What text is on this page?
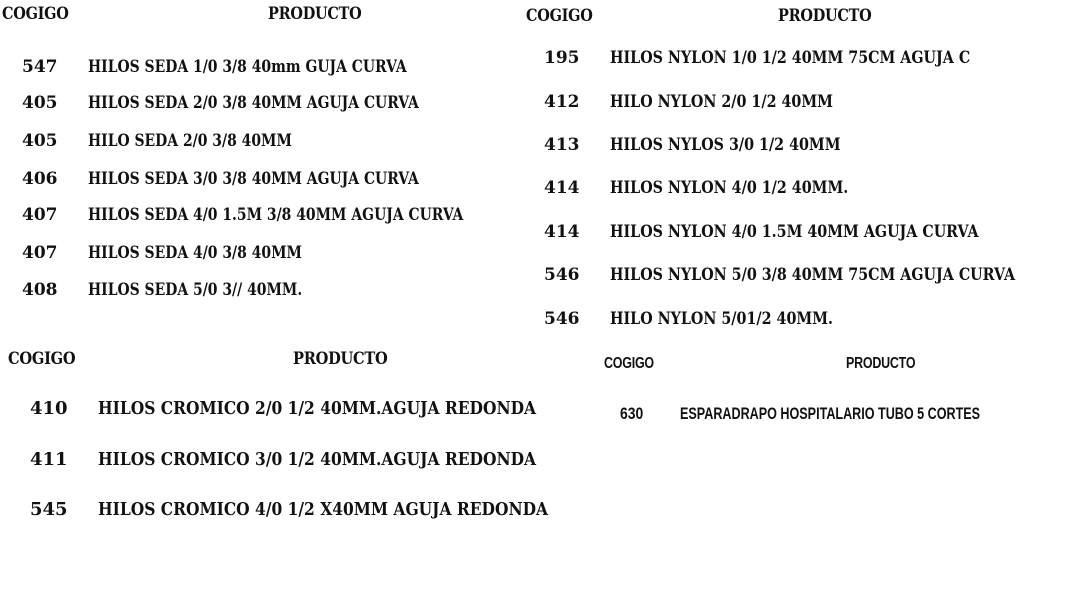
COGIGO	PRODUCTO
547 HILOS SEDA 1/0 3/8 40mm GUJA CURVA
405 HILOS SEDA 2/0 3/8 40MM AGUJA CURVA
405 HILO SEDA 2/0 3/8 40MM
406 HILOS SEDA 3/0 3/8 40MM AGUJA CURVA
407 HILOS SEDA 4/0 1.5M 3/8 40MM AGUJA CURVA
407 HILOS SEDA 4/0 3/8 40MM
408 HILOS SEDA 5/0 3// 40MM.
COGIGO	PRODUCTO
195 HILOS NYLON 1/0 1/2 40MM 75CM AGUJA C
412 HILO NYLON 2/0 1/2 40MM
413 HILOS NYLOS 3/0 1/2 40MM
414 HILOS NYLON 4/0 1/2 40MM.
414 HILOS NYLON 4/0 1.5M 40MM AGUJA CURVA
546 HILOS NYLON 5/0 3/8 40MM 75CM AGUJA CURVA
546 HILO NYLON 5/01/2 40MM.
COGIGO	PRODUCTO
410 HILOS CROMICO 2/0 1/2 40MM.AGUJA REDONDA
411 HILOS CROMICO 3/0 1/2 40MM.AGUJA REDONDA
545 HILOS CROMICO 4/0 1/2 X40MM AGUJA REDONDA
COGIGO	PRODUCTO
630 ESPARADRAPO HOSPITALARIO TUBO 5 CORTES
